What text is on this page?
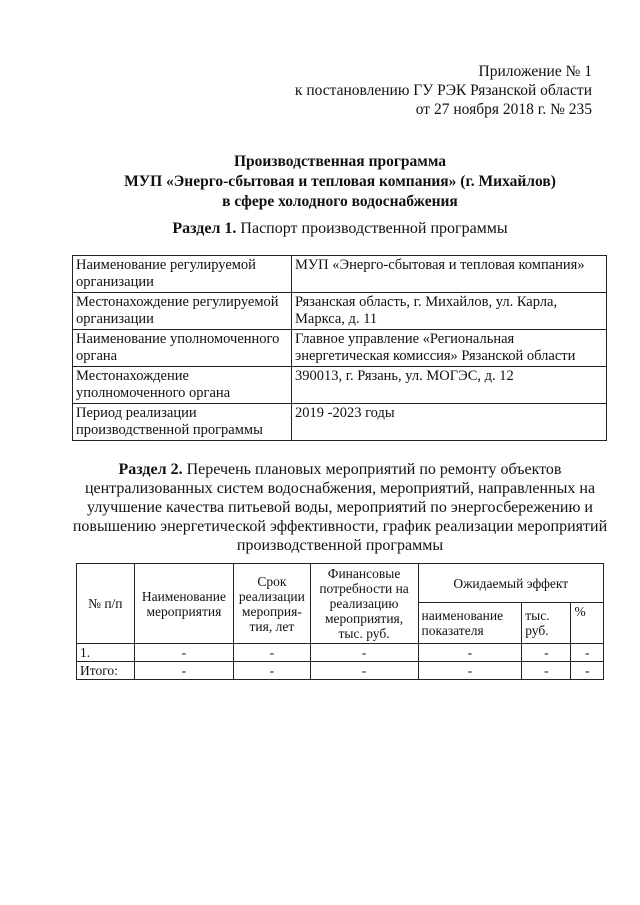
Приложение № 1
к постановлению ГУ РЭК Рязанской области
от 27 ноября 2018 г. № 235
Производственная программа
МУП «Энерго-сбытовая и тепловая компания» (г. Михайлов)
в сфере холодного водоснабжения
Раздел 1. Паспорт производственной программы
Наименование регулируемой организации	МУП «Энерго-сбытовая и тепловая компания»
Местонахождение регулируемой организации	Рязанская область, г. Михайлов, ул. Карла, Маркса, д. 11
Наименование уполномоченного органа	Главное управление «Региональная энергетическая комиссия» Рязанской области
Местонахождение уполномоченного органа	390013, г. Рязань, ул. МОГЭС, д. 12
Период реализации производственной программы	2019 -2023 годы
Раздел 2. Перечень плановых мероприятий по ремонту объектов централизованных систем водоснабжения, мероприятий, направленных на улучшение качества питьевой воды, мероприятий по энергосбережению и повышению энергетической эффективности, график реализации мероприятий производственной программы
№ п/п	Наименование мероприятия	Срок реализации мероприя-тия, лет	Финансовые потребности на реализацию мероприятия, тыс. руб.	Ожидаемый эффект		
				наименование показателя	тыс. руб.	%
1.	-	-	-	-	-	-
Итого:	-	-	-	-	-	-
